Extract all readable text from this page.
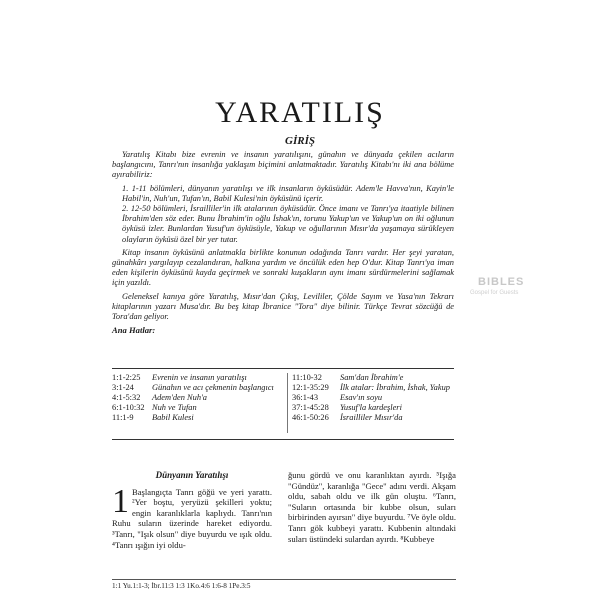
YARATILIŞ
GİRİŞ

Yaratılış Kitabı bize evrenin ve insanın yaratılışını, günahın ve dünyada çekilen acıların başlangıcını, Tanrı'nın insanlığa yaklaşım biçimini anlatmaktadır. Yaratılış Kitabı'nı iki ana bölüme ayırabiliriz:

1. 1-11 bölümleri, dünyanın yaratılışı ve ilk insanların öyküsüdür. Adem'le Havva'nın, Kayin'le Habil'in, Nuh'un, Tufan'ın, Babil Kulesi'nin öyküsünü içerir.
2. 12-50 bölümleri, İsrailliler'in ilk atalarının öyküsüdür. Önce imanı ve Tanrı'ya itaatiyle bilinen İbrahim'den söz eder. Bunu İbrahim'in oğlu İshak'ın, torunu Yakup'un ve Yakup'un on iki oğlunun öyküsü izler. Bunlardan Yusuf'un öyküsüyle, Yakup ve oğullarının Mısır'da yaşamaya sürükleyen olayların öyküsü özel bir yer tutar.

Kitap insanın öyküsünü anlatmakla birlikte konunun odağında Tanrı vardır. Her şeyi yaratan, günahkârı yargılayıp cezalandıran, halkına yardım ve öncülük eden hep O'dur. Kitap Tanrı'ya iman eden kişilerin öyküsünü kayda geçirmek ve sonraki kuşakların aynı imanı sürdürmelerini sağlamak için yazıldı.

Geleneksel kanıya göre Yaratılış, Mısır'dan Çıkış, Levililer, Çölde Sayım ve Yasa'nın Tekrarı kitaplarının yazarı Musa'dır. Bu beş kitap İbranice "Tora" diye bilinir. Türkçe Tevrat sözcüğü de Tora'dan geliyor.

Ana Hatlar:
1:1-2:25	Evrenin ve insanın yaratılışı
3:1-24	Günahın ve acı çekmenin başlangıcı
4:1-5:32	Adem'den Nuh'a
6:1-10:32 Nuh ve Tufan
11:1-9	Babil Kulesi
11:10-32	Sam'dan İbrahim'e
12:1-35:29	İlk atalar: İbrahim, İshak, Yakup
36:1-43	Esav'ın soyu
37:1-45:28	Yusuf'la kardeşleri
46:1-50:26	İsrailliler Mısır'da
Dünyanın Yaratılışı
1 Başlangıçta Tanrı göğü ve yeri yarattı. ²Yer boştu, yeryüzü şekilleri yoktu; engin karanlıklarla kaplıydı. Tanrı'nın Ruhu suların üzerinde hareket ediyordu. ³Tanrı, "Işık olsun" diye buyurdu ve ışık oldu. ⁴Tanrı ışığın iyi oldu-

ğunu gördü ve onu karanlıktan ayırdı. ⁵Işığa "Gündüz", karanlığa "Gece" adını verdi. Akşam oldu, sabah oldu ve ilk gün oluştu. ⁶Tanrı, "Suların ortasında bir kubbe olsun, suları birbirinden ayırsın" diye buyurdu. ⁷Ve öyle oldu. Tanrı gök kubbeyi yarattı. Kubbenin altındaki suları üstündeki sulardan ayırdı. ⁸Kubbeye

1:1 Yu.1:1-3; İbr.11:3 1:3 1Ko.4:6 1:6-8 1Pe.3:5
BIBLES
Gospel for Guests
